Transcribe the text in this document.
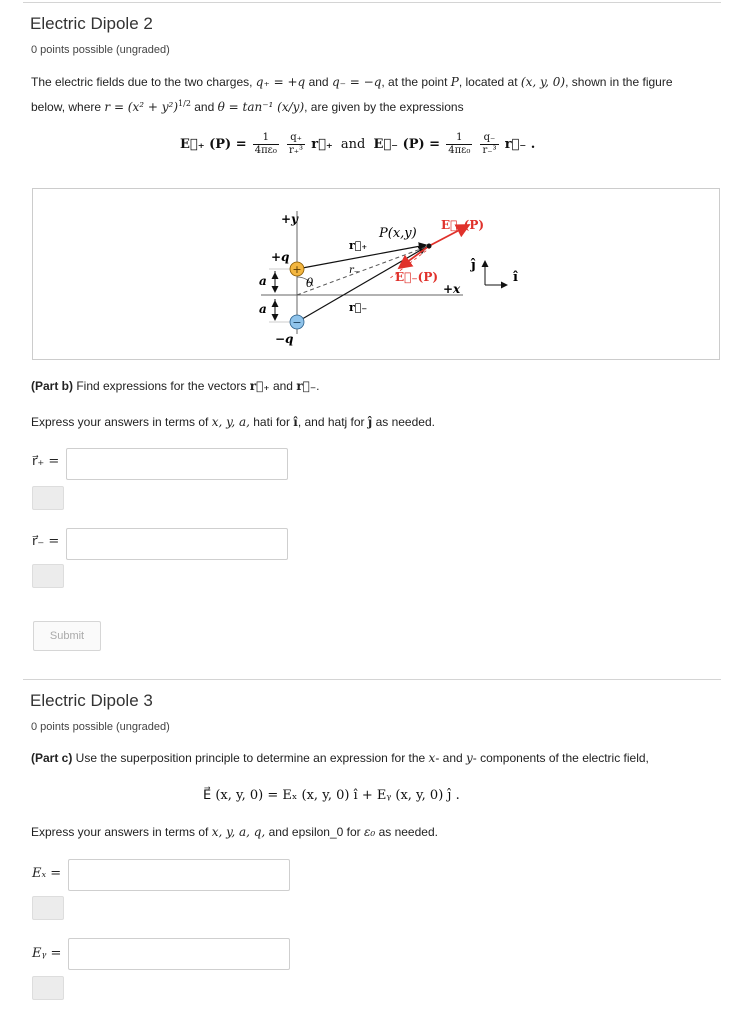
Electric Dipole 2
0 points possible (ungraded)
The electric fields due to the two charges, q₊ = +q and q₋ = −q, at the point P, located at (x, y, 0), shown in the figure
below, where $r = (x^2 + y^2)^{1/2}$ and θ = tan⁻¹ (x/y), are given by the expressions
E⃗₊ $(P) = \frac{1}{\text{4πε₀}}$
$\frac{q_+}{\text{r₊³}}$ r⃗₊ and E⃗₋ $(P) = \frac{1}{\text{4πε₀}}$
$\frac{q_-}{\text{r₋³}}$ r⃗₋ .
+
−
+y
+x
+q
−q
a
a
θ
P(x,y)
r⃗₊
r₋
r⃗₋
E⃗₊(P)
E⃗₋(P)
ĵ
î
(Part b) Find expressions for the vectors r⃗₊ and r⃗₋.
Express your answers in terms of x, y, a, hati for î, and hatj for ĵ as needed.
r⃗₊ =
r⃗₋ =
Submit
Electric Dipole 3
0 points possible (ungraded)
(Part c) Use the superposition principle to determine an expression for the x- and y- components of the electric field,
E⃗ (x, y, 0) = Eₓ (x, y, 0) î + Eᵧ (x, y, 0) ĵ .
Express your answers in terms of x, y, a, q, and epsilon_0 for ε₀ as needed.
Eₓ =
Eᵧ =
